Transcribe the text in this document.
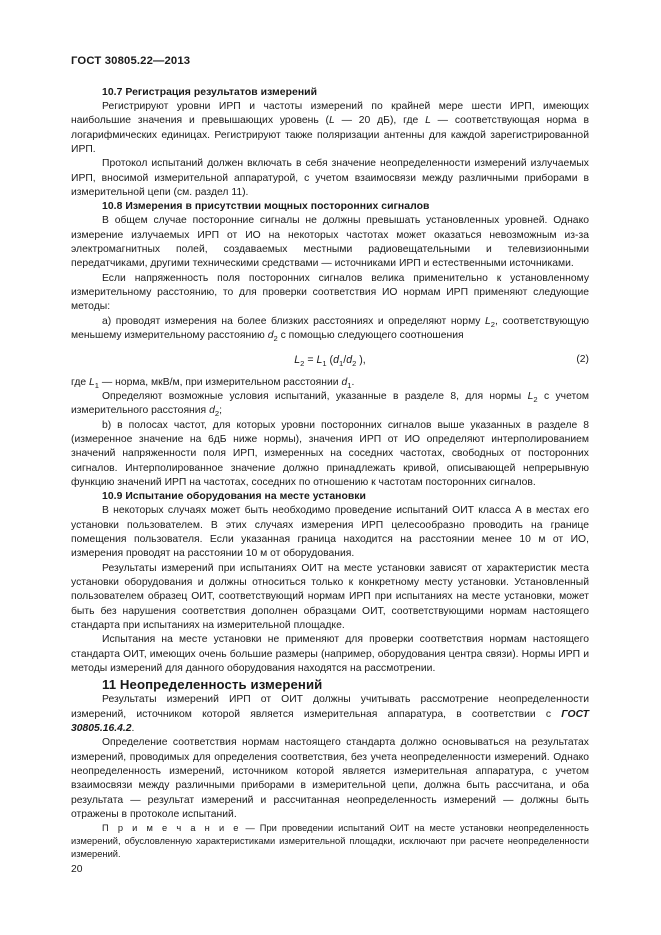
ГОСТ 30805.22—2013
10.7 Регистрация результатов измерений

Регистрируют уровни ИРП и частоты измерений по крайней мере шести ИРП, имеющих наибольшие значения и превышающих уровень (L — 20 дБ), где L — соответствующая норма в логарифмических единицах. Регистрируют также поляризации антенны для каждой зарегистрированной ИРП.

Протокол испытаний должен включать в себя значение неопределенности измерений излучаемых ИРП, вносимой измерительной аппаратурой, с учетом взаимосвязи между различными приборами в измерительной цепи (см. раздел 11).

10.8 Измерения в присутствии мощных посторонних сигналов

В общем случае посторонние сигналы не должны превышать установленных уровней. Однако измерение излучаемых ИРП от ИО на некоторых частотах может оказаться невозможным из-за электромагнитных полей, создаваемых местными радиовещательными и телевизионными передатчиками, другими техническими средствами — источниками ИРП и естественными источниками.

Если напряженность поля посторонних сигналов велика применительно к установленному измерительному расстоянию, то для проверки соответствия ИО нормам ИРП применяют следующие методы:

а) проводят измерения на более близких расстояниях и определяют норму $L_2$, соответствующую меньшему измерительному расстоянию $d_2$ с помощью следующего соотношения

$L_2 = L_1$ ($d_1/d_2$ ),	(2)

где $L_1$ — норма, мкВ/м, при измерительном расстоянии $d_1$.

Определяют возможные условия испытаний, указанные в разделе 8, для нормы $L_2$ с учетом измерительного расстояния $d_2$;

b) в полосах частот, для которых уровни посторонних сигналов выше указанных в разделе 8 (измеренное значение на 6дБ ниже нормы), значения ИРП от ИО определяют интерполированием значений напряженности поля ИРП, измеренных на соседних частотах, свободных от посторонних сигналов. Интерполированное значение должно принадлежать кривой, описывающей непрерывную функцию значений ИРП на частотах, соседних по отношению к частотам посторонних сигналов.

10.9 Испытание оборудования на месте установки

В некоторых случаях может быть необходимо проведение испытаний ОИТ класса А в местах его установки пользователем. В этих случаях измерения ИРП целесообразно проводить на границе помещения пользователя. Если указанная граница находится на расстоянии менее 10 м от ИО, измерения проводят на расстоянии 10 м от оборудования.

Результаты измерений при испытаниях ОИТ на месте установки зависят от характеристик места установки оборудования и должны относиться только к конкретному месту установки. Установленный пользователем образец ОИТ, соответствующий нормам ИРП при испытаниях на месте установки, может быть без нарушения соответствия дополнен образцами ОИТ, соответствующими нормам настоящего стандарта при испытаниях на измерительной площадке.

Испытания на месте установки не применяют для проверки соответствия нормам настоящего стандарта ОИТ, имеющих очень большие размеры (например, оборудования центра связи). Нормы ИРП и методы измерений для данного оборудования находятся на рассмотрении.

11 Неопределенность измерений

Результаты измерений ИРП от ОИТ должны учитывать рассмотрение неопределенности измерений, источником которой является измерительная аппаратура, в соответствии с ГОСТ 30805.16.4.2.

Определение соответствия нормам настоящего стандарта должно основываться на результатах измерений, проводимых для определения соответствия, без учета неопределенности измерений. Однако неопределенность измерений, источником которой является измерительная аппаратура, с учетом взаимосвязи между различными приборами в измерительной цепи, должна быть рассчитана, и оба результата — результат измерений и рассчитанная неопределенность измерений — должны быть отражены в протоколе испытаний.

П р и м е ч а н и е — При проведении испытаний ОИТ на месте установки неопределенность измерений, обусловленную характеристиками измерительной площадки, исключают при расчете неопределенности измерений.

20
